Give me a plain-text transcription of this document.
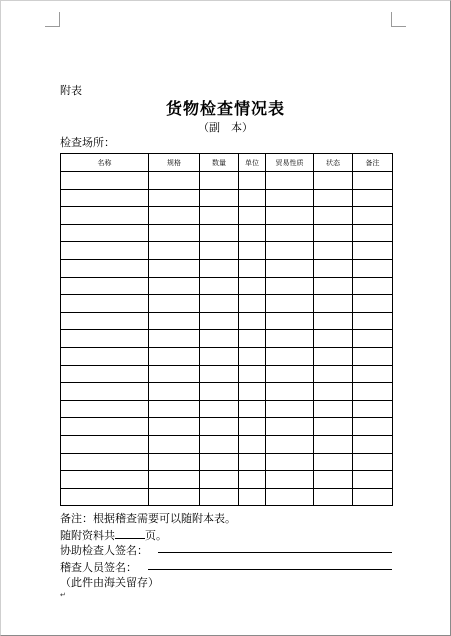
附表
货物检查情况表
（副　本）
检查场所：
名称	规格	数量	单位	贸易性质	状态	备注

备注：根据稽查需要可以随附本表。
随附资料共	页。
协助检查人签名：
稽查人员签名：
（此件由海关留存）
↵
